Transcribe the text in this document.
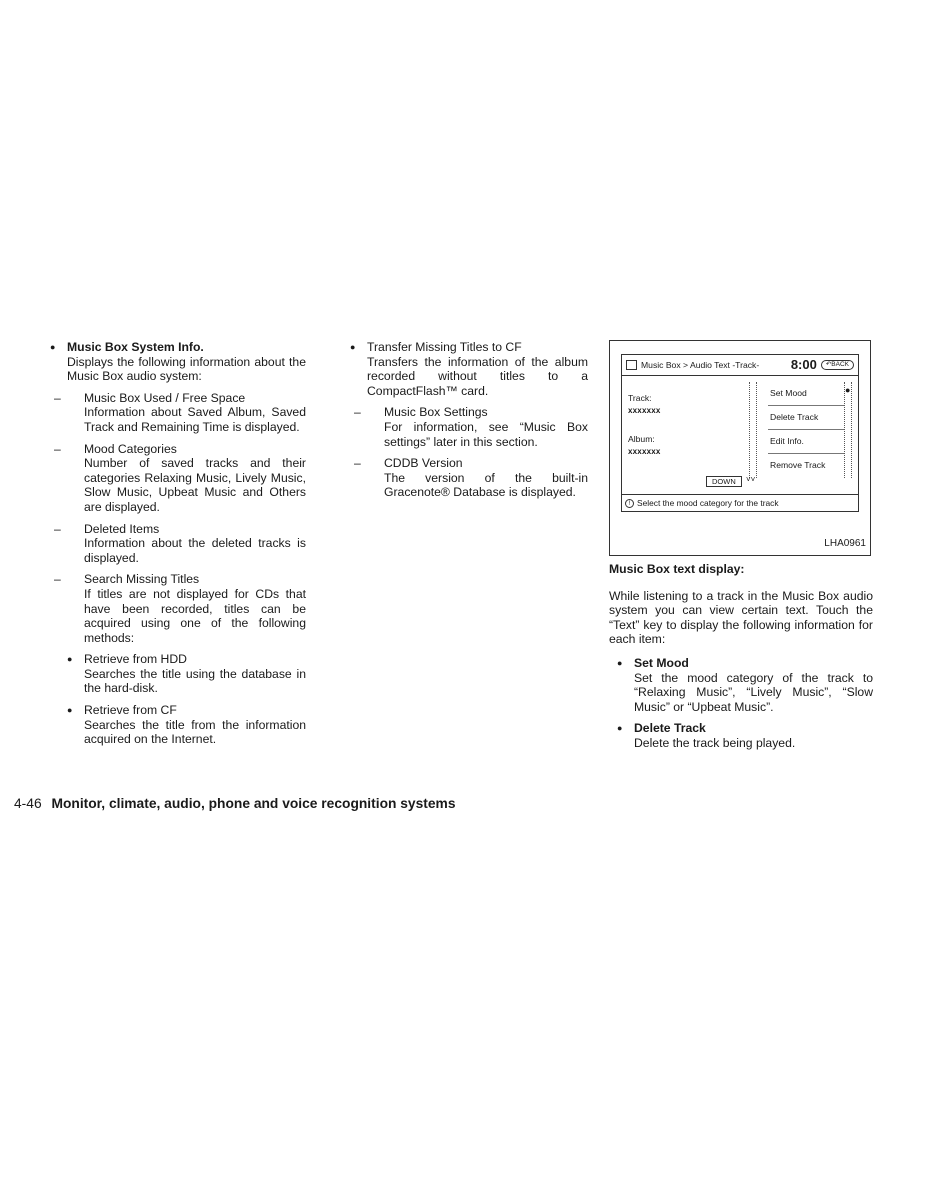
● Music Box System Info.

Displays the following information about the Music Box audio system:

– Music Box Used / Free Space

Information about Saved Album, Saved Track and Remaining Time is displayed.

– Mood Categories

Number of saved tracks and their categories Relaxing Music, Lively Music, Slow Music, Upbeat Music and Others are displayed.

– Deleted Items

Information about the deleted tracks is displayed.

– Search Missing Titles

If titles are not displayed for CDs that have been recorded, titles can be acquired using one of the following methods:

● Retrieve from HDD

Searches the title using the database in the hard-disk.

● Retrieve from CF

Searches the title from the information acquired on the Internet.

● Transfer Missing Titles to CF

Transfers the information of the album recorded without titles to a CompactFlash™ card.

– Music Box Settings

For information, see “Music Box settings” later in this section.

– CDDB Version

The version of the built-in Gracenote® Database is displayed.

Music Box > Audio Text -Track-	8:00	↶BACK
Track:
xxxxxxx
Album:
xxxxxxx
Set Mood
Delete Track
Edit Info.
Remove Track
●
DOWN	˅˅
! Select the mood category for the track
LHA0961

Music Box text display:

While listening to a track in the Music Box audio system you can view certain text. Touch the “Text” key to display the following information for each item:

● Set Mood

Set the mood category of the track to “Relaxing Music”, “Lively Music”, “Slow Music” or “Upbeat Music”.

● Delete Track

Delete the track being played.

4-46 Monitor, climate, audio, phone and voice recognition systems
